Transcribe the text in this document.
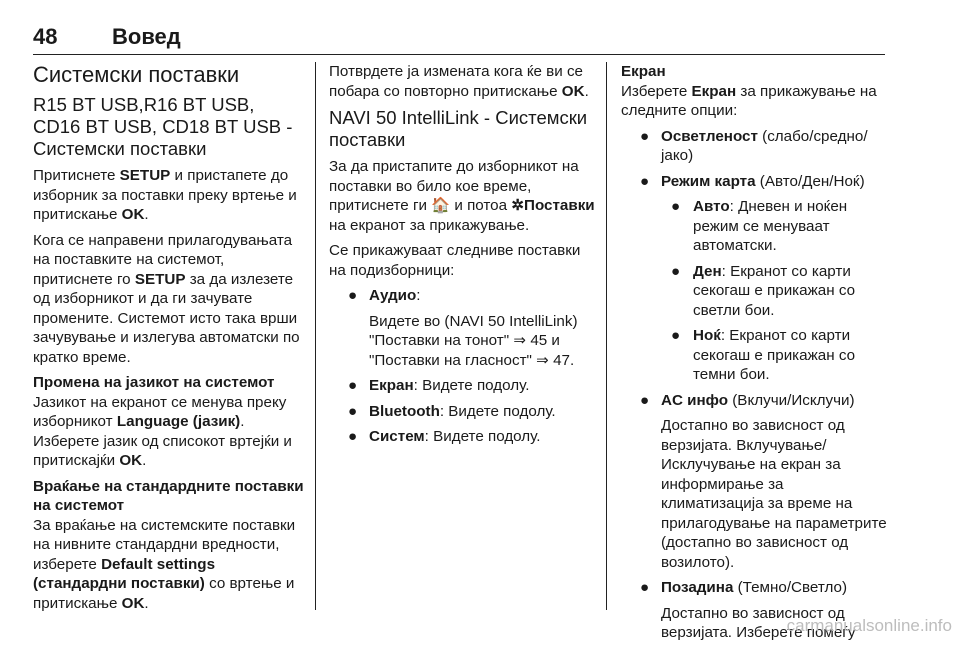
48 Вовед
Системски поставки
R15 BT USB,R16 BT USB, CD16 BT USB, CD18 BT USB - Системски поставки

Притиснете SETUP и пристапете до изборник за поставки преку вртење и притискање OK.

Кога се направени прилагодувањата на поставките на системот, притиснете го SETUP за да излезете од изборникот и да ги зачувате промените. Системот исто така врши зачувување и излегува автоматски по кратко време.

Промена на јазикот на системот

Јазикот на екранот се менува преку изборникот Language (јазик).

Изберете јазик од списокот вртејќи и притискајќи OK.

Враќање на стандардните поставки на системот

За враќање на системските поставки на нивните стандардни вредности, изберете Default settings (стандардни поставки) со вртење и притискање OK.

Потврдете ја измената кога ќе ви се побара со повторно притискање OK.

NAVI 50 IntelliLink - Системски поставки

За да пристапите до изборникот на поставки во било кое време, притиснете ги 🏠 и потоа ✲Поставки на екранот за прикажување.

Се прикажуваат следниве поставки на подизборници:

● Аудио:
Видете во (NAVI 50 IntelliLink) "Поставки на тонот" ⇒ 45 и "Поставки на гласност" ⇒ 47.
● Екран: Видете подолу.
● Bluetooth: Видете подолу.
● Систем: Видете подолу.
Екран

Изберете Екран за прикажување на следните опции:

● Осветленост (слабо/средно/ јако)
● Режим карта (Авто/Ден/Ноќ)
● Авто: Дневен и ноќен режим се менуваат автоматски.
● Ден: Екранот со карти секогаш е прикажан со светли бои.
● Ноќ: Екранот со карти секогаш е прикажан со темни бои.
● AC инфо (Вклучи/Исклучи)
Достапно во зависност од верзијата. Вклучување/ Исклучување на екран за информирање за климатизација за време на прилагодување на параметрите (достапно во зависност од возилото).
● Позадина (Темно/Светло)
Достапно во зависност од верзијата. Изберете помеѓу
carmanualsonline.info
